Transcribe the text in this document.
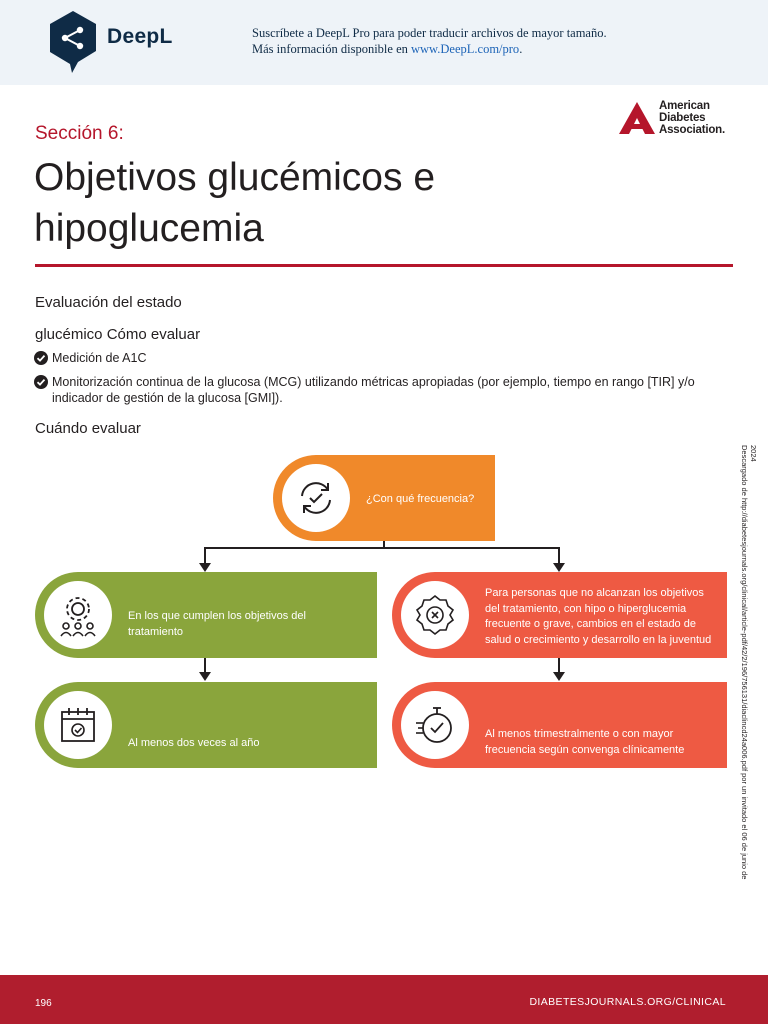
DeepL	Suscríbete a DeepL Pro para poder traducir archivos de mayor tamaño.
Más información disponible en www.DeepL.com/pro.
Sección 6:
Objetivos glucémicos e hipoglucemia
American
Diabetes
Association.
Evaluación del estado
glucémico Cómo evaluar
Medición de A1C
Monitorización continua de la glucosa (MCG) utilizando métricas apropiadas (por ejemplo, tiempo en rango [TIR] y/o indicador de gestión de la glucosa [GMI]).
Cuándo evaluar
¿Con qué frecuencia?
En los que cumplen los objetivos del tratamiento
Para personas que no alcanzan los objetivos del tratamiento, con hipo o hiperglucemia frecuente o grave, cambios en el estado de salud o crecimiento y desarrollo en la juventud
Al menos dos veces al año
Al menos trimestralmente o con mayor frecuencia según convenga clínicamente	Descargado de http://diabetesjournals.org/clinical/article-pdf/42/2/196/756131/diaclincd24a006.pdf por un invitado el 06 de junio de2024
196	DIABETESJOURNALS.ORG/CLINICAL
